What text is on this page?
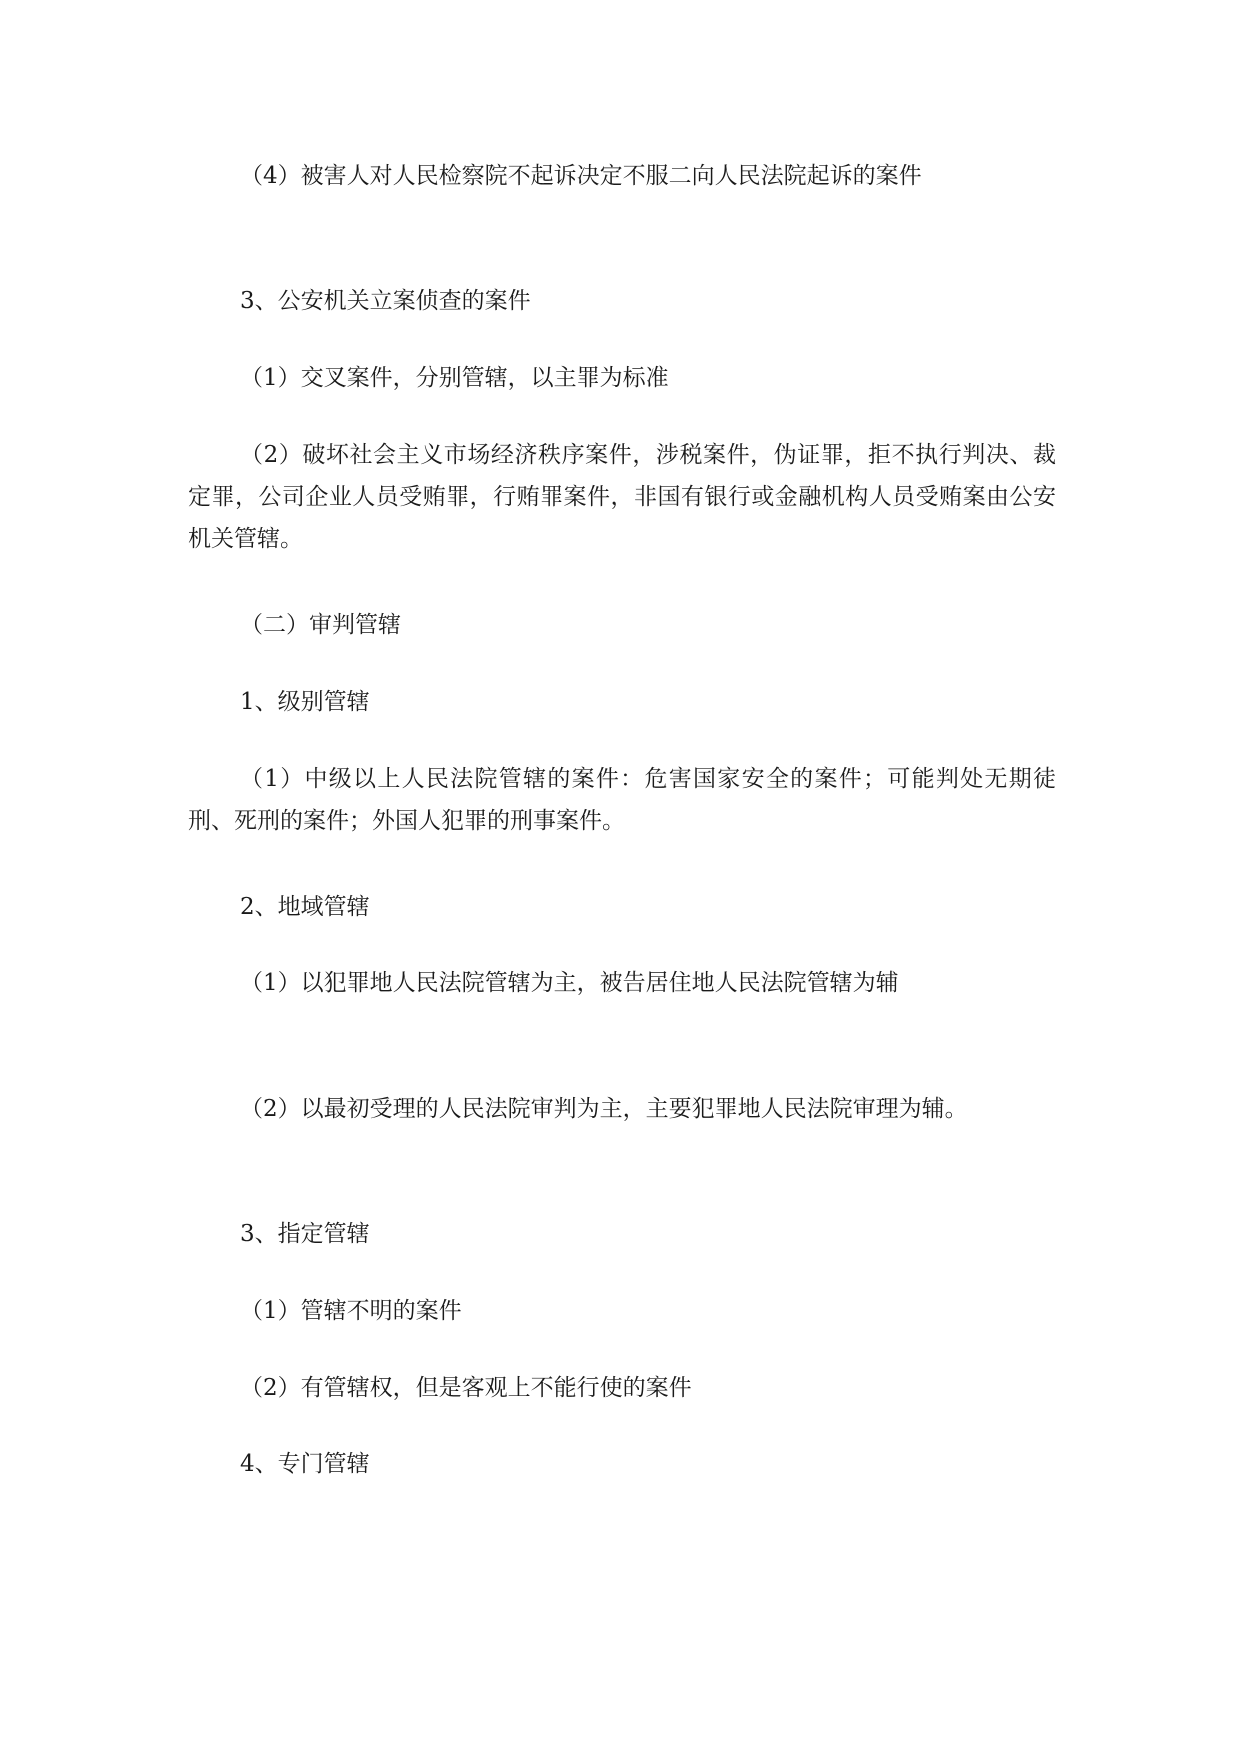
（4）被害人对人民检察院不起诉决定不服二向人民法院起诉的案件

3、公安机关立案侦查的案件

（1）交叉案件，分别管辖，以主罪为标准

（2）破坏社会主义市场经济秩序案件，涉税案件，伪证罪，拒不执行判决、裁定罪，公司企业人员受贿罪，行贿罪案件，非国有银行或金融机构人员受贿案由公安机关管辖。

（二）审判管辖

1、级别管辖

（1）中级以上人民法院管辖的案件：危害国家安全的案件；可能判处无期徒刑、死刑的案件；外国人犯罪的刑事案件。

2、地域管辖

（1）以犯罪地人民法院管辖为主，被告居住地人民法院管辖为辅

（2）以最初受理的人民法院审判为主，主要犯罪地人民法院审理为辅。

3、指定管辖

（1）管辖不明的案件

（2）有管辖权，但是客观上不能行使的案件

4、专门管辖
